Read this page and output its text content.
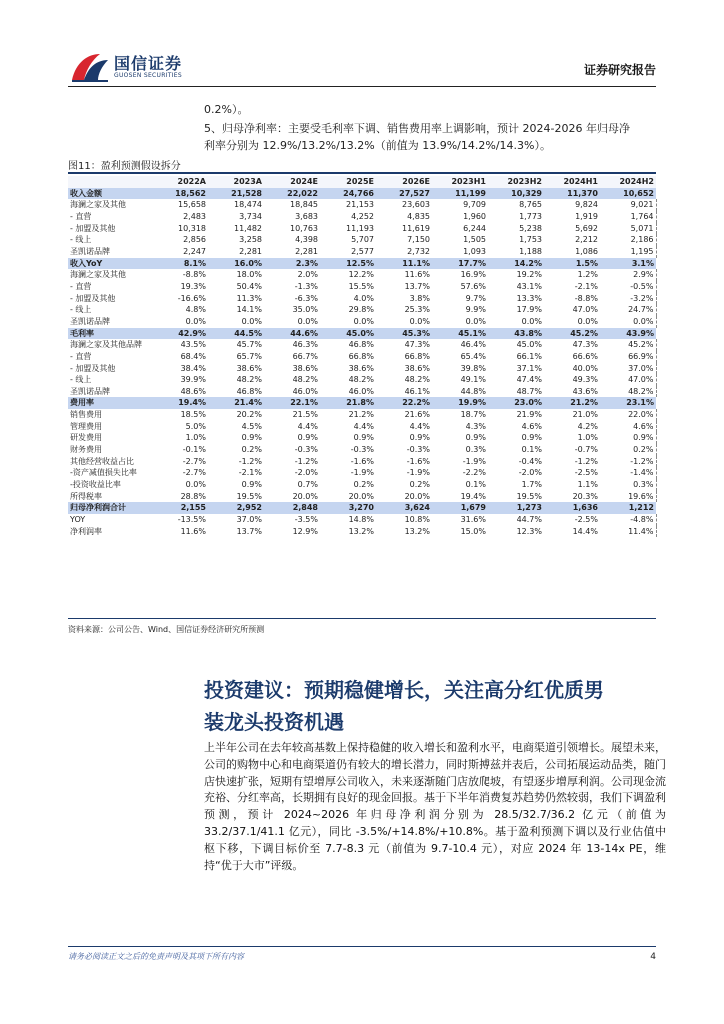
国信证券
GUOSEN SECURITIES	证券研究报告
0.2%）。
5、归母净利率：主要受毛利率下调、销售费用率上调影响，预计 2024-2026 年归母净
利率分别为 12.9%/13.2%/13.2%（前值为 13.9%/14.2%/14.3%）。
图11：盈利预测假设拆分
	2022A	2023A	2024E	2025E	2026E	2023H1	2023H2	2024H1	2024H2
收入金额	18,562	21,528	22,022	24,766	27,527	11,199	10,329	11,370	10,652
海澜之家及其他	15,658	18,474	18,845	21,153	23,603	9,709	8,765	9,824	9,021
- 直营	2,483	3,734	3,683	4,252	4,835	1,960	1,773	1,919	1,764
- 加盟及其他	10,318	11,482	10,763	11,193	11,619	6,244	5,238	5,692	5,071
- 线上	2,856	3,258	4,398	5,707	7,150	1,505	1,753	2,212	2,186
圣凯诺品牌	2,247	2,281	2,281	2,577	2,732	1,093	1,188	1,086	1,195
收入YoY	8.1%	16.0%	2.3%	12.5%	11.1%	17.7%	14.2%	1.5%	3.1%
海澜之家及其他	-8.8%	18.0%	2.0%	12.2%	11.6%	16.9%	19.2%	1.2%	2.9%
- 直营	19.3%	50.4%	-1.3%	15.5%	13.7%	57.6%	43.1%	-2.1%	-0.5%
- 加盟及其他	-16.6%	11.3%	-6.3%	4.0%	3.8%	9.7%	13.3%	-8.8%	-3.2%
- 线上	4.8%	14.1%	35.0%	29.8%	25.3%	9.9%	17.9%	47.0%	24.7%
圣凯诺品牌	0.0%	0.0%	0.0%	0.0%	0.0%	0.0%	0.0%	0.0%	0.0%
毛利率	42.9%	44.5%	44.6%	45.0%	45.3%	45.1%	43.8%	45.2%	43.9%
海澜之家及其他品牌	43.5%	45.7%	46.3%	46.8%	47.3%	46.4%	45.0%	47.3%	45.2%
- 直营	68.4%	65.7%	66.7%	66.8%	66.8%	65.4%	66.1%	66.6%	66.9%
- 加盟及其他	38.4%	38.6%	38.6%	38.6%	38.6%	39.8%	37.1%	40.0%	37.0%
- 线上	39.9%	48.2%	48.2%	48.2%	48.2%	49.1%	47.4%	49.3%	47.0%
圣凯诺品牌	48.6%	46.8%	46.0%	46.0%	46.1%	44.8%	48.7%	43.6%	48.2%
费用率	19.4%	21.4%	22.1%	21.8%	22.2%	19.9%	23.0%	21.2%	23.1%
销售费用	18.5%	20.2%	21.5%	21.2%	21.6%	18.7%	21.9%	21.0%	22.0%
管理费用	5.0%	4.5%	4.4%	4.4%	4.4%	4.3%	4.6%	4.2%	4.6%
研发费用	1.0%	0.9%	0.9%	0.9%	0.9%	0.9%	0.9%	1.0%	0.9%
财务费用	-0.1%	0.2%	-0.3%	-0.3%	-0.3%	0.3%	0.1%	-0.7%	0.2%
其他经营收益占比	-2.7%	-1.2%	-1.2%	-1.6%	-1.6%	-1.9%	-0.4%	-1.2%	-1.2%
-资产减值损失比率	-2.7%	-2.1%	-2.0%	-1.9%	-1.9%	-2.2%	-2.0%	-2.5%	-1.4%
-投资收益比率	0.0%	0.9%	0.7%	0.2%	0.2%	0.1%	1.7%	1.1%	0.3%
所得税率	28.8%	19.5%	20.0%	20.0%	20.0%	19.4%	19.5%	20.3%	19.6%
归母净利润合计	2,155	2,952	2,848	3,270	3,624	1,679	1,273	1,636	1,212
YOY	-13.5%	37.0%	-3.5%	14.8%	10.8%	31.6%	44.7%	-2.5%	-4.8%
净利润率	11.6%	13.7%	12.9%	13.2%	13.2%	15.0%	12.3%	14.4%	11.4%
资料来源：公司公告、Wind、国信证券经济研究所预测
投资建议：预期稳健增长，关注高分红优质男
装龙头投资机遇
上半年公司在去年较高基数上保持稳健的收入增长和盈利水平，电商渠道引领增长。展望未来，公司的购物中心和电商渠道仍有较大的增长潜力，同时斯搏兹并表后，公司拓展运动品类，随门店快速扩张，短期有望增厚公司收入，未来逐渐随门店放爬坡，有望逐步增厚利润。公司现金流充裕、分红率高，长期拥有良好的现金回报。基于下半年消费复苏趋势仍然较弱，我们下调盈利预测，预计 2024~2026 年归母净利润分别为 28.5/32.7/36.2 亿元（前值为 33.2/37.1/41.1 亿元），同比 -3.5%/+14.8%/+10.8%。基于盈利预测下调以及行业估值中枢下移，下调目标价至 7.7-8.3 元（前值为 9.7-10.4 元），对应 2024 年 13-14x PE，维持“优于大市”评级。
请务必阅读正文之后的免责声明及其项下所有内容	4
